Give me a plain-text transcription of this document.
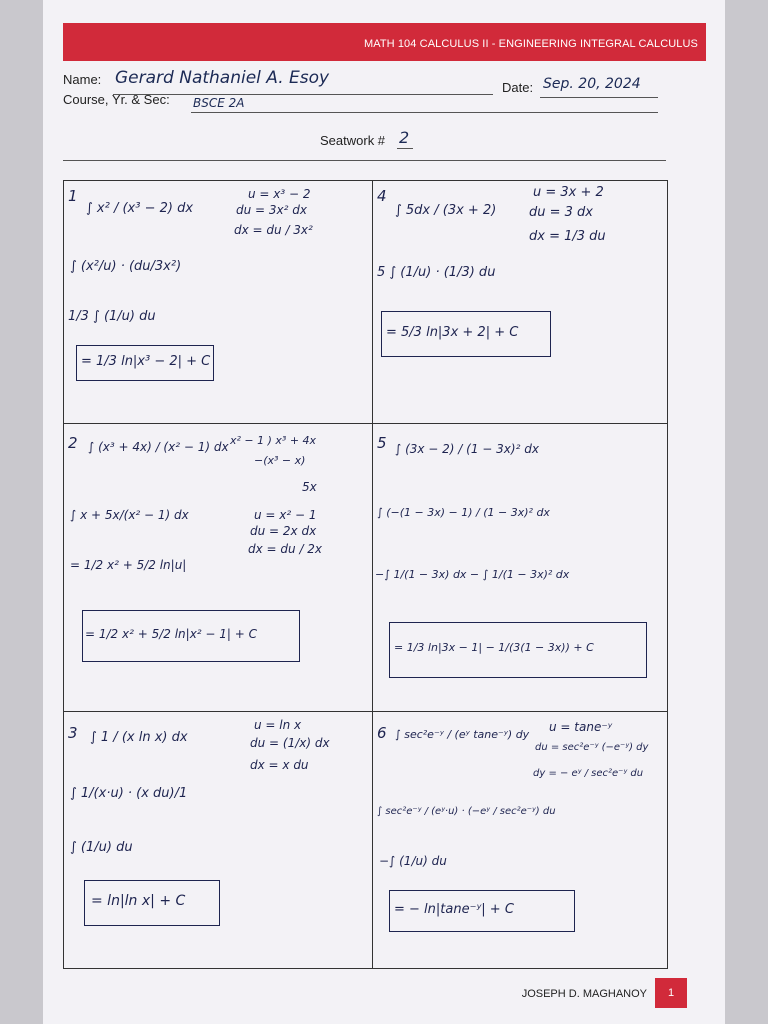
MATH 104 CALCULUS II - ENGINEERING INTEGRAL CALCULUS
Name: Gerard Nathaniel A. Esoy	Date: Sep. 20, 2024
Course, Yr. & Sec: BSCE 2A
Seatwork # 2
1
∫ x² / (x³ − 2) dx
u = x³ − 2
du = 3x² dx
dx = du / 3x²
∫ (x²/u) · (du/3x²)
1/3 ∫ (1/u) du
= 1/3 ln|x³ − 2| + C
4
∫ 5dx / (3x + 2)
u = 3x + 2
du = 3 dx
dx = 1/3 du
5 ∫ (1/u) · (1/3) du
= 5/3 ln|3x + 2| + C
2 ∫ (x³ + 4x) / (x² − 1) dx x² − 1 ) x³ + 4x
−(x³ − x)
5x
u = x² − 1
du = 2x dx
dx = du / 2x
∫ x + 5x/(x² − 1) dx
= 1/2 x² + 5/2 ln|u|
= 1/2 x² + 5/2 ln|x² − 1| + C
5 ∫ (3x − 2) / (1 − 3x)² dx
∫ (−(1 − 3x) − 1) / (1 − 3x)² dx
−∫ 1/(1 − 3x) dx − ∫ 1/(1 − 3x)² dx
= 1/3 ln|3x − 1| − 1/(3(1 − 3x)) + C
3 ∫ 1 / (x ln x) dx
u = ln x
du = (1/x) dx
dx = x du
∫ 1/(x·u) · (x du)/1
∫ (1/u) du
= ln|ln x| + C
6 ∫ sec²e⁻ʸ / (eʸ tane⁻ʸ) dy
u = tane⁻ʸ
du = sec²e⁻ʸ (−e⁻ʸ) dy
dy = − eʸ / sec²e⁻ʸ du
∫ sec²e⁻ʸ / (eʸ·u) · (−eʸ / sec²e⁻ʸ) du
−∫ (1/u) du
= − ln|tane⁻ʸ| + C
JOSEPH D. MAGHANOY	1
